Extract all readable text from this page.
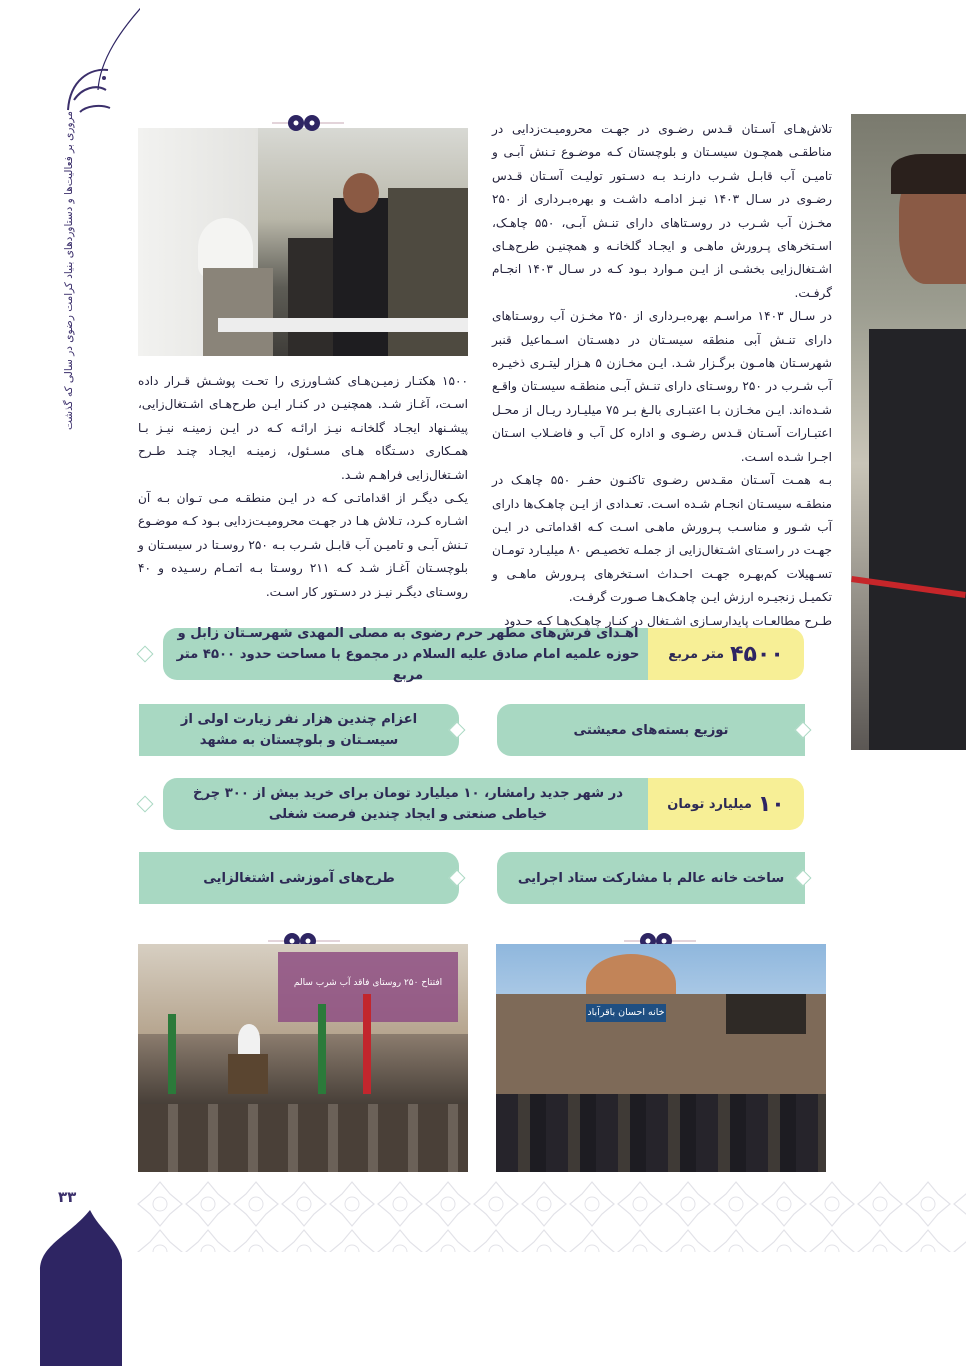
مروری بر فعالیت‌ها و دستاوردهای بنیاد کرامت رضوی در سالی که گذشت	تلاش‌هـای آسـتان قـدس رضـوی در جهـت محرومیـت‌زدایی در مناطقـی همچـون سیسـتان و بلوچستان کـه موضـوع تـنش آبـی و تامیـن آب قابـل شـرب دارنـد بـه دسـتور تولیـت آسـتان قـدس رضـوی در سـال ۱۴۰۳ نیـز ادامـه داشـت و بهره‌بـرداری از ۲۵۰ مخـزن آب شـرب در روسـتاهای دارای تنـش آبـی، ۵۵۰ چاهـک، اسـتخرهای پـرورش ماهـی و ایجـاد گلخانـه و همچنیـن طرح‌هـای اشـتغال‌زایی بخشـی از ایـن مـوارد بـود کـه در سـال ۱۴۰۳ انجـام گرفـت.

در سـال ۱۴۰۳ مراسـم بهره‌بـرداری از ۲۵۰ مخـزن آب روسـتاهای دارای تنـش آبی منطقه سیسـتان در دهسـتان اسـماعیل قنبر شهرسـتان هامـون برگـزار شـد. ایـن مخـازن ۵ هـزار لیتـری ذخیـره آب شـرب در ۲۵۰ روسـتای دارای تنـش آبـی منطقـه سیسـتان واقـع شـده‌اند. ایـن مخـازن بـا اعتبـاری بالـغ بـر ۷۵ میلیـارد ریـال از محـل اعتبـارات آسـتان قـدس رضـوی و اداره کل آب و فاضـلاب اسـتان اجـرا شـده اسـت.

بـه همـت آسـتان مقـدس رضـوی تاکنـون حفـر ۵۵۰ چاهـک در منطقـه سیسـتان انجـام شـده اسـت. تعـدادی از ایـن چاهـک‌ها دارای آب شـور و مناسـب پـرورش ماهـی اسـت کـه اقداماتـی در ایـن جهـت در راسـتای اشـتغال‌زایی از جملـه تخصیـص ۸۰ میلیـارد تومـان تسـهیلات کم‌بهـره جهـت احـداث اسـتخرهای پـرورش ماهـی و تکمیـل زنجیـره ارزش ایـن چاهـک‌هـا صـورت گرفـت.

طـرح مطالعـات پایدارسـازی اشـتغال در کنـار چاهـک‌هـا کـه حـدود

۱۵۰۰ هکتـار زمیـن‌هـای کشـاورزی را تحـت پوشـش قـرار داده اسـت، آغـاز شـد. همچنیـن در کنـار ایـن طرح‌هـای اشـتغال‌زایی، پیشـنهاد ایجـاد گلخانـه نیـز ارائـه کـه در ایـن زمینـه نیـز بـا همـکاری دسـتگاه هـای مسـئول، زمینـه ایجـاد چنـد طـرح اشـتغال‌زایی فراهـم شـد.

یکـی دیگـر از اقداماتـی کـه در ایـن منطقـه مـی تـوان بـه آن اشـاره کـرد، تـلاش هـا در جهـت محرومیـت‌زدایی بـود کـه موضـوع تـنش آبـی و تامیـن آب قابـل شـرب بـه ۲۵۰ روسـتا در سیسـتان و بلوچسـتان آغـاز شـد کـه ۲۱۱ روسـتا بـه اتمـام رسـیده و ۴۰ روسـتای دیگـر نیـز در دسـتور کار اسـت.

اهـدای فرش‌های مطهر حرم رضوی به مصلی المهدی شهرسـتان زابل و حوزه علمیه امام صادق علیه السلام در مجموع با مساحت حدود ۴۵۰۰ متر مربع
۴۵۰۰
متر مربع
توزیع بسته‌های معیشتی
اعزام چندین هزار نفر زیارت اولی از سیسـتان و بلوچستان به مشهد
در شهر جدید رامشار، ۱۰ میلیارد تومان برای خرید بیش از ۳۰۰ چرخ خیاطی صنعتی و ایجاد چندین فرصت شغلی	۱۰
میلیارد تومان
ساخت خانه عالم با مشارکت ستاد اجرایی
طرح‌های آموزشی اشتغالزایی
افتتاح ۲۵۰ روستای فاقد آب شرب سالم
خانه احسان باقرآباد
۳۳
